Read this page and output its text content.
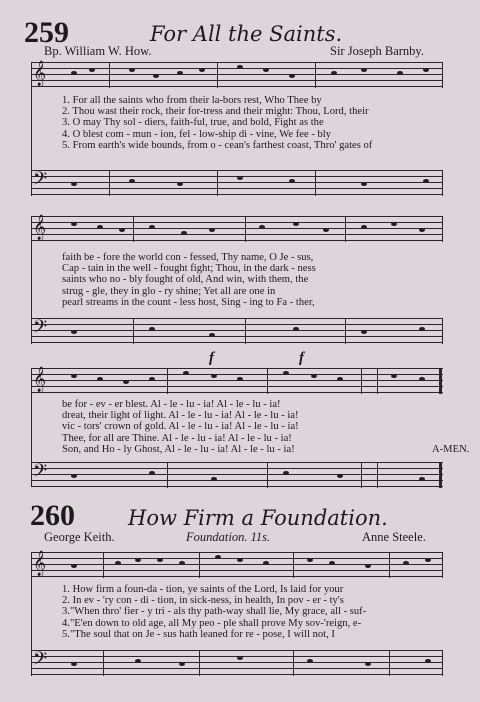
259	For All the Saints.
Bp. William W. How.	Sir Joseph Barnby.
𝄞
1. For all the saints who from their la-bors rest, Who Thee by
2. Thou wast their rock, their for-tress and their might: Thou, Lord, their
3. O may Thy sol - diers, faith-ful, true, and bold, Fight as the
4. O blest com - mun - ion, fel - low-ship di - vine, We fee - bly
5. From earth's wide bounds, from o - cean's farthest coast, Thro' gates of
𝄢
𝄞
faith be - fore the world con - fessed, Thy name, O Je - sus,
Cap - tain in the well - fought fight; Thou, in the dark - ness
saints who no - bly fought of old, And win, with them, the
strug - gle, they in glo - ry shine; Yet all are one in
pearl streams in the count - less host, Sing - ing to Fa - ther,
𝄢
f	f
𝄞
be for - ev - er blest. Al - le - lu - ia! Al - le - lu - ia!
dreat, their light of light. Al - le - lu - ia! Al - le - lu - ia!
vic - tors' crown of gold. Al - le - lu - ia! Al - le - lu - ia!
Thee, for all are Thine. Al - le - lu - ia! Al - le - lu - ia!
Son, and Ho - ly Ghost, Al - le - lu - ia! Al - le - lu - ia!	A-MEN.
𝄢
260	How Firm a Foundation.
George Keith.	Foundation. 11s.	Anne Steele.
𝄞
1. How firm a foun-da - tion, ye saints of the Lord, Is laid for your
2. In ev - 'ry con - di - tion, in sick-ness, in health, In pov - er - ty's
3."When thro' fier - y tri - als thy path-way shall lie, My grace, all - suf-
4."E'en down to old age, all My peo - ple shall prove My sov-'reign, e-
5."The soul that on Je - sus hath leaned for re - pose, I will not, I
𝄢
